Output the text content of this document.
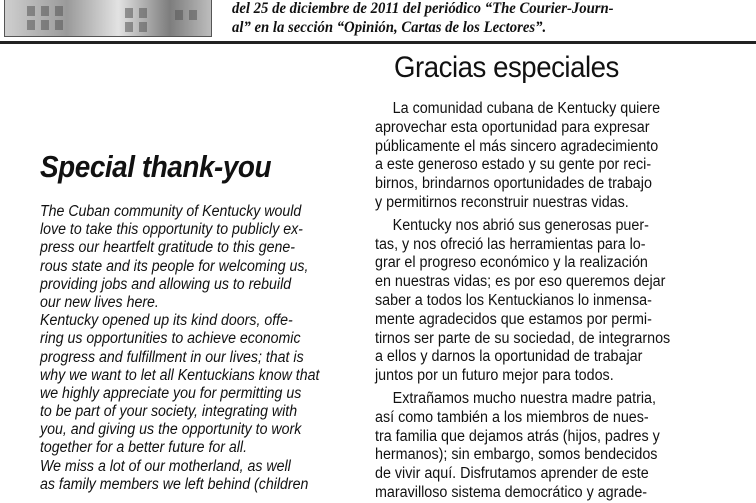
del 25 de diciembre de 2011 del periódico “The Courier-Journ-
al” en la sección “Opinión, Cartas de los Lectores”.
Gracias especiales
La comunidad cubana de Kentucky quiere
aprovechar esta oportunidad para expresar
públicamente el más sincero agradecimiento
a este generoso estado y su gente por reci-
birnos, brindarnos oportunidades de trabajo
y permitirnos reconstruir nuestras vidas.
Kentucky nos abrió sus generosas puer-
tas, y nos ofreció las herramientas para lo-
grar el progreso económico y la realización
en nuestras vidas; es por eso queremos dejar
saber a todos los Kentuckianos lo inmensa-
mente agradecidos que estamos por permi-
tirnos ser parte de su sociedad, de integrarnos
a ellos y darnos la oportunidad de trabajar
juntos por un futuro mejor para todos.
Extrañamos mucho nuestra madre patria,
así como también a los miembros de nues-
tra familia que dejamos atrás (hijos, padres y
hermanos); sin embargo, somos bendecidos
de vivir aquí. Disfrutamos aprender de este
maravilloso sistema democrático y agrade-
Special thank-you
The Cuban community of Kentucky would
love to take this opportunity to publicly ex-
press our heartfelt gratitude to this gene-
rous state and its people for welcoming us,
providing jobs and allowing us to rebuild
our new lives here.
Kentucky opened up its kind doors, offe-
ring us opportunities to achieve economic
progress and fulfillment in our lives; that is
why we want to let all Kentuckians know that
we highly appreciate you for permitting us
to be part of your society, integrating with
you, and giving us the opportunity to work
together for a better future for all.
We miss a lot of our motherland, as well
as family members we left behind (children
